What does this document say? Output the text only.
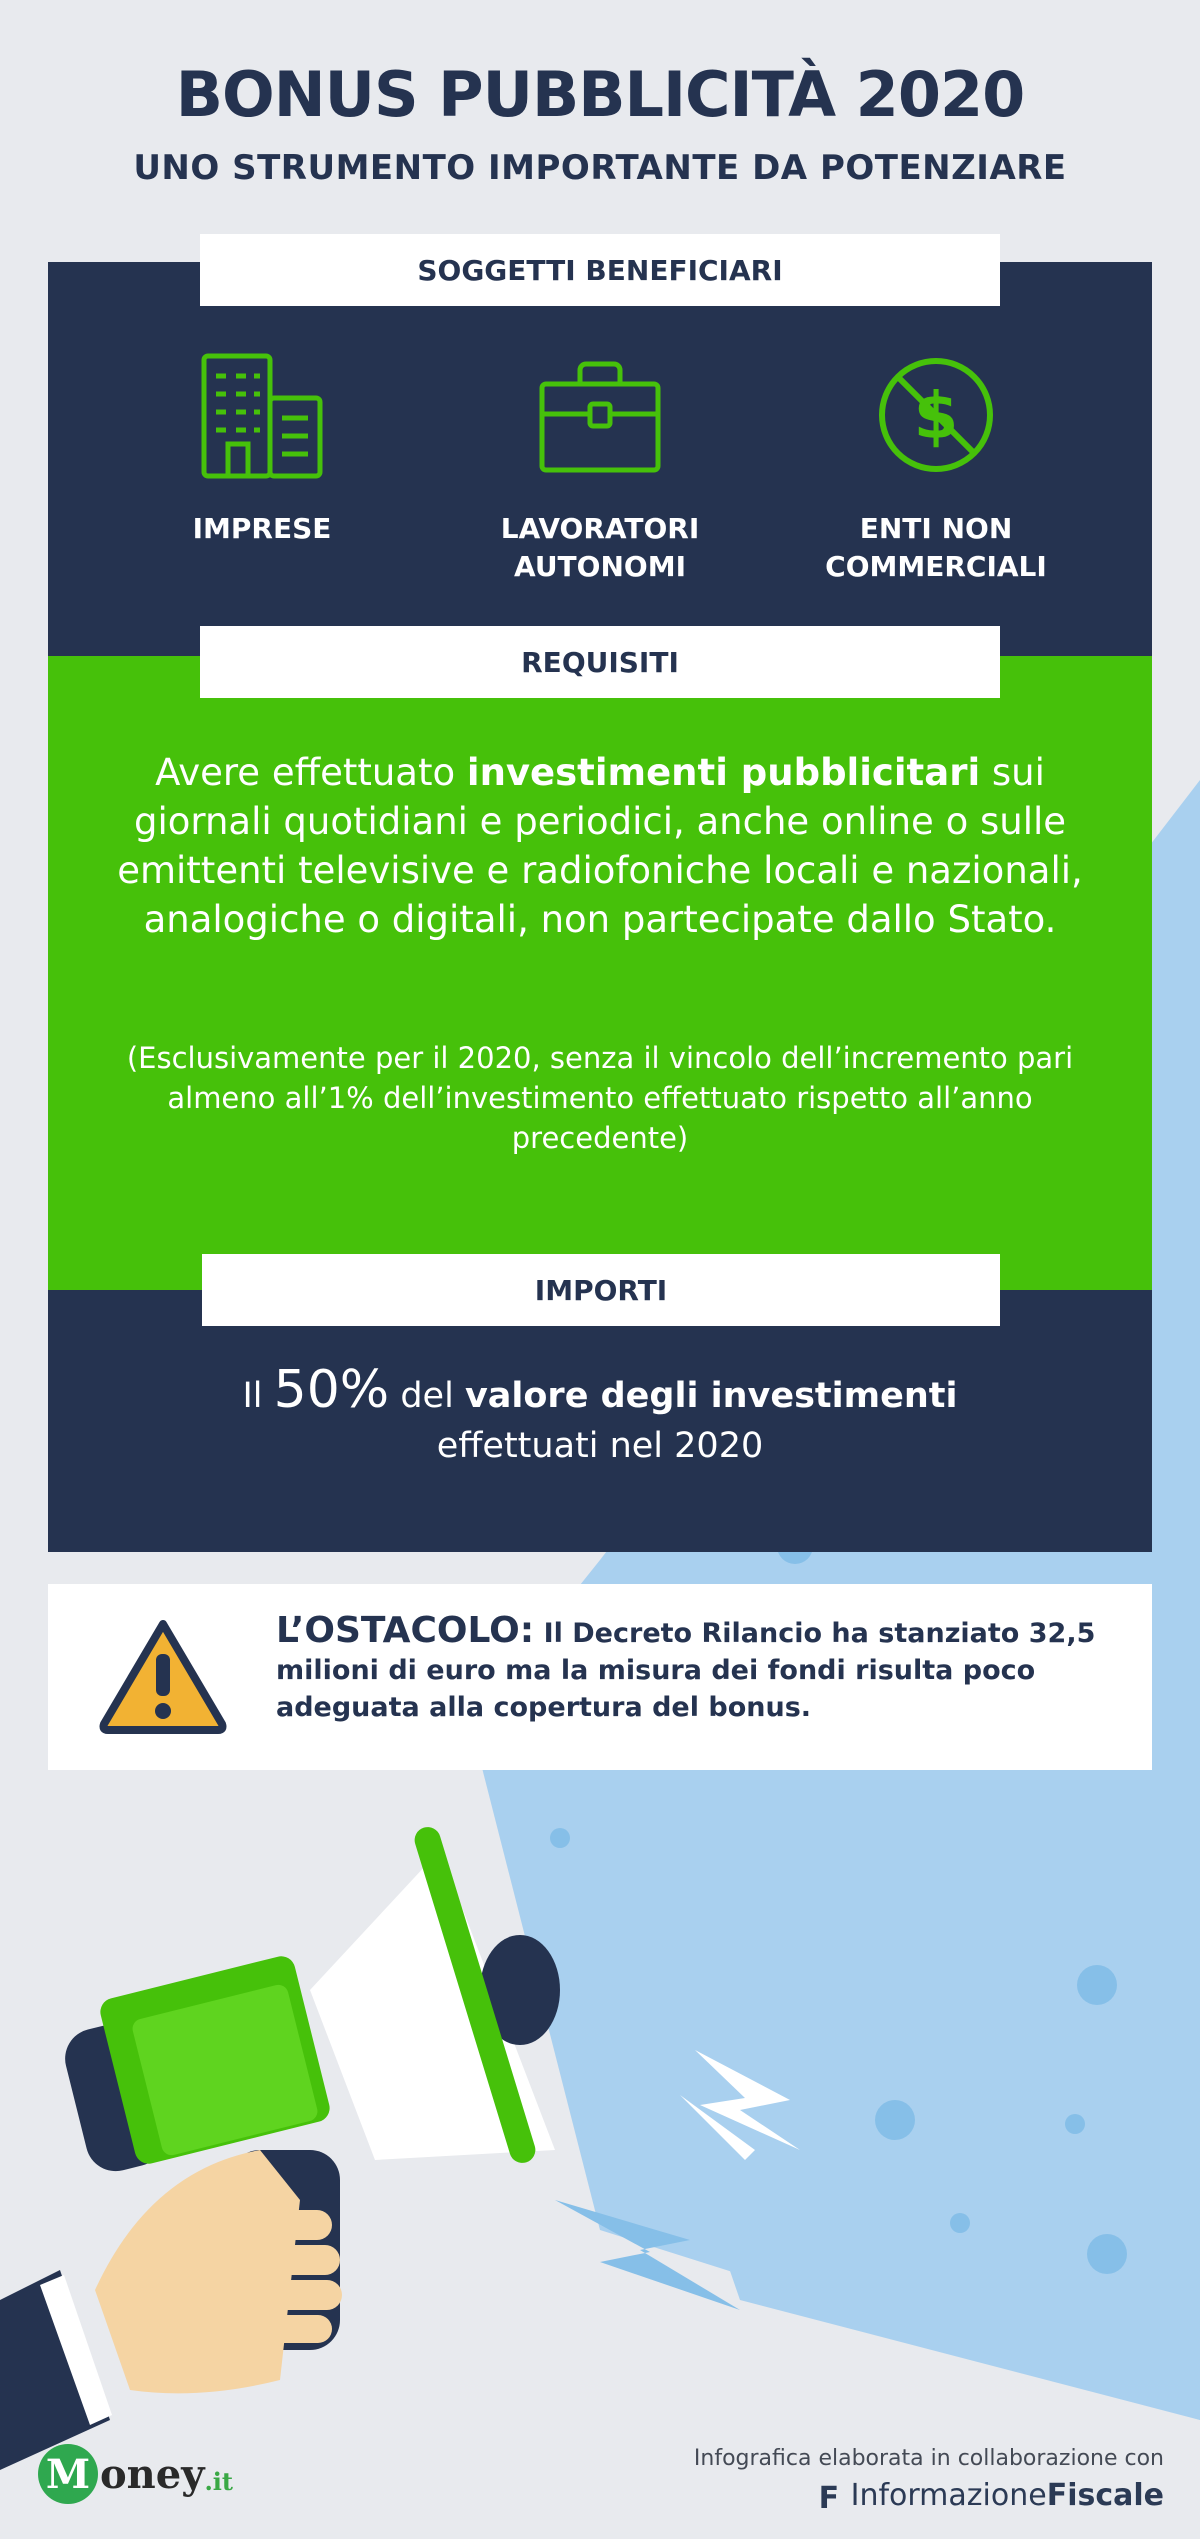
BONUS PUBBLICITÀ 2020
UNO STRUMENTO IMPORTANTE DA POTENZIARE
SOGGETTI BENEFICIARI
REQUISITI
IMPORTI
IMPRESE	LAVORATORI
AUTONOMI
$
ENTI NON
COMMERCIALI
Avere effettuato investimenti pubblicitari sui giornali quotidiani e periodici, anche online o sulle emittenti televisive e radiofoniche locali e nazionali, analogiche o digitali, non partecipate dallo Stato.
(Esclusivamente per il 2020, senza il vincolo dell’incremento pari almeno all’1% dell’investimento effettuato rispetto all’anno precedente)
Il 50% del valore degli investimenti
effettuati nel 2020
L’OSTACOLO: Il Decreto Rilancio ha stanziato 32,5 milioni di euro ma la misura dei fondi risulta poco adeguata alla copertura del bonus.
M oney .it
Infografica elaborata in collaborazione con
F Informazione Fiscale
